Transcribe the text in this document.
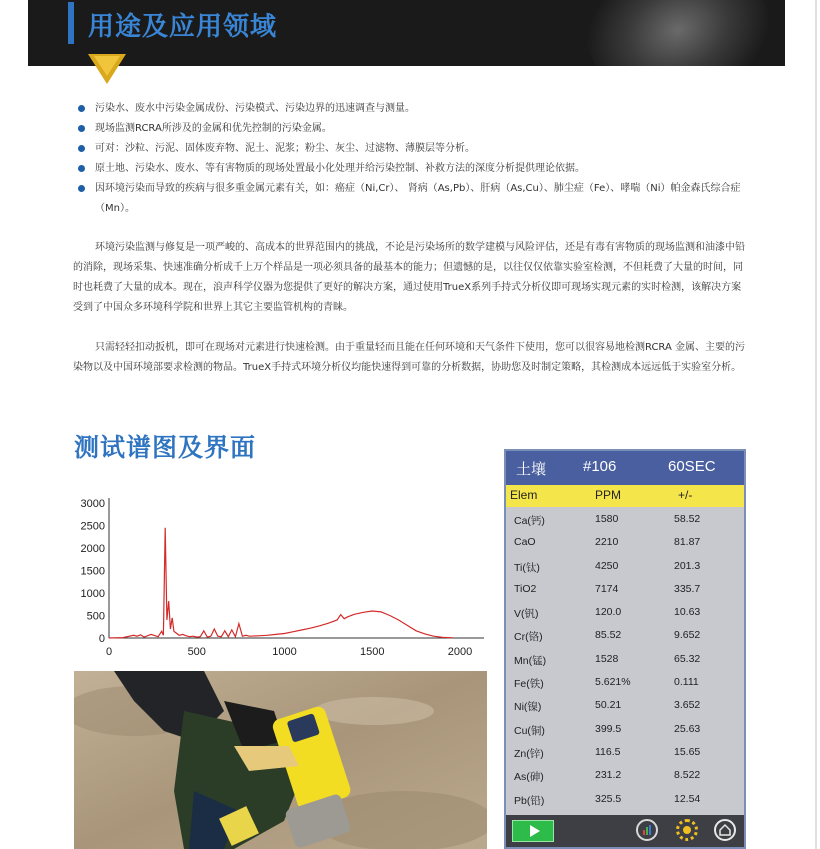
用途及应用领域
污染水、废水中污染金属成份、污染模式、污染边界的迅速调查与测量。
现场监测RCRA所涉及的金属和优先控制的污染金属。
可对：沙粒、污泥、固体废弃物、泥土、泥浆；粉尘、灰尘、过滤物、薄膜层等分析。
原土地、污染水、废水、等有害物质的现场处置最小化处理并给污染控制、补救方法的深度分析提供理论依据。
因环境污染而导致的疾病与很多重金属元素有关，如：癌症（Ni,Cr）、 肾病（As,Pb）、肝病（As,Cu）、肺尘症（Fe）、哮喘（Ni）帕金森氏综合症（Mn）。

环境污染监测与修复是一项严峻的、高成本的世界范围内的挑战，不论是污染场所的数学建模与风险评估，还是有毒有害物质的现场监测和油漆中铅的消除，现场采集、快速准确分析成千上万个样品是一项必须具备的最基本的能力；但遗憾的是，以往仅仅依靠实验室检测，不但耗费了大量的时间，同时也耗费了大量的成本。现在，浪声科学仪器为您提供了更好的解决方案，通过使用TrueX系列手持式分析仪即可现场实现元素的实时检测，该解决方案受到了中国众多环境科学院和世界上其它主要监管机构的青睐。

只需轻轻扣动扳机，即可在现场对元素进行快速检测。由于重量轻而且能在任何环境和天气条件下使用，您可以很容易地检测RCRA 金属、主要的污染物以及中国环境部要求检测的物品。TrueX手持式环境分析仪均能快速得到可靠的分析数据，协助您及时制定策略，其检测成本远远低于实验室分析。

测试谱图及界面
0
500
1000
1500
2000
2500
3000
0	500	1000	1500	2000
土壤 #106	60SEC
Elem	PPM	+/-
Ca(钙)	1580	58.52
CaO	2210	81.87
Ti(钛)	4250	201.3
TiO2	7174	335.7
V(钒)	120.0	10.63
Cr(铬)	85.52	9.652
Mn(锰)	1528	65.32
Fe(铁)	5.621%	0.111
Ni(镍)	50.21	3.652
Cu(铜)	399.5	25.63
Zn(锌)	116.5	15.65
As(砷)	231.2	8.522
Pb(铅)	325.5	12.54
